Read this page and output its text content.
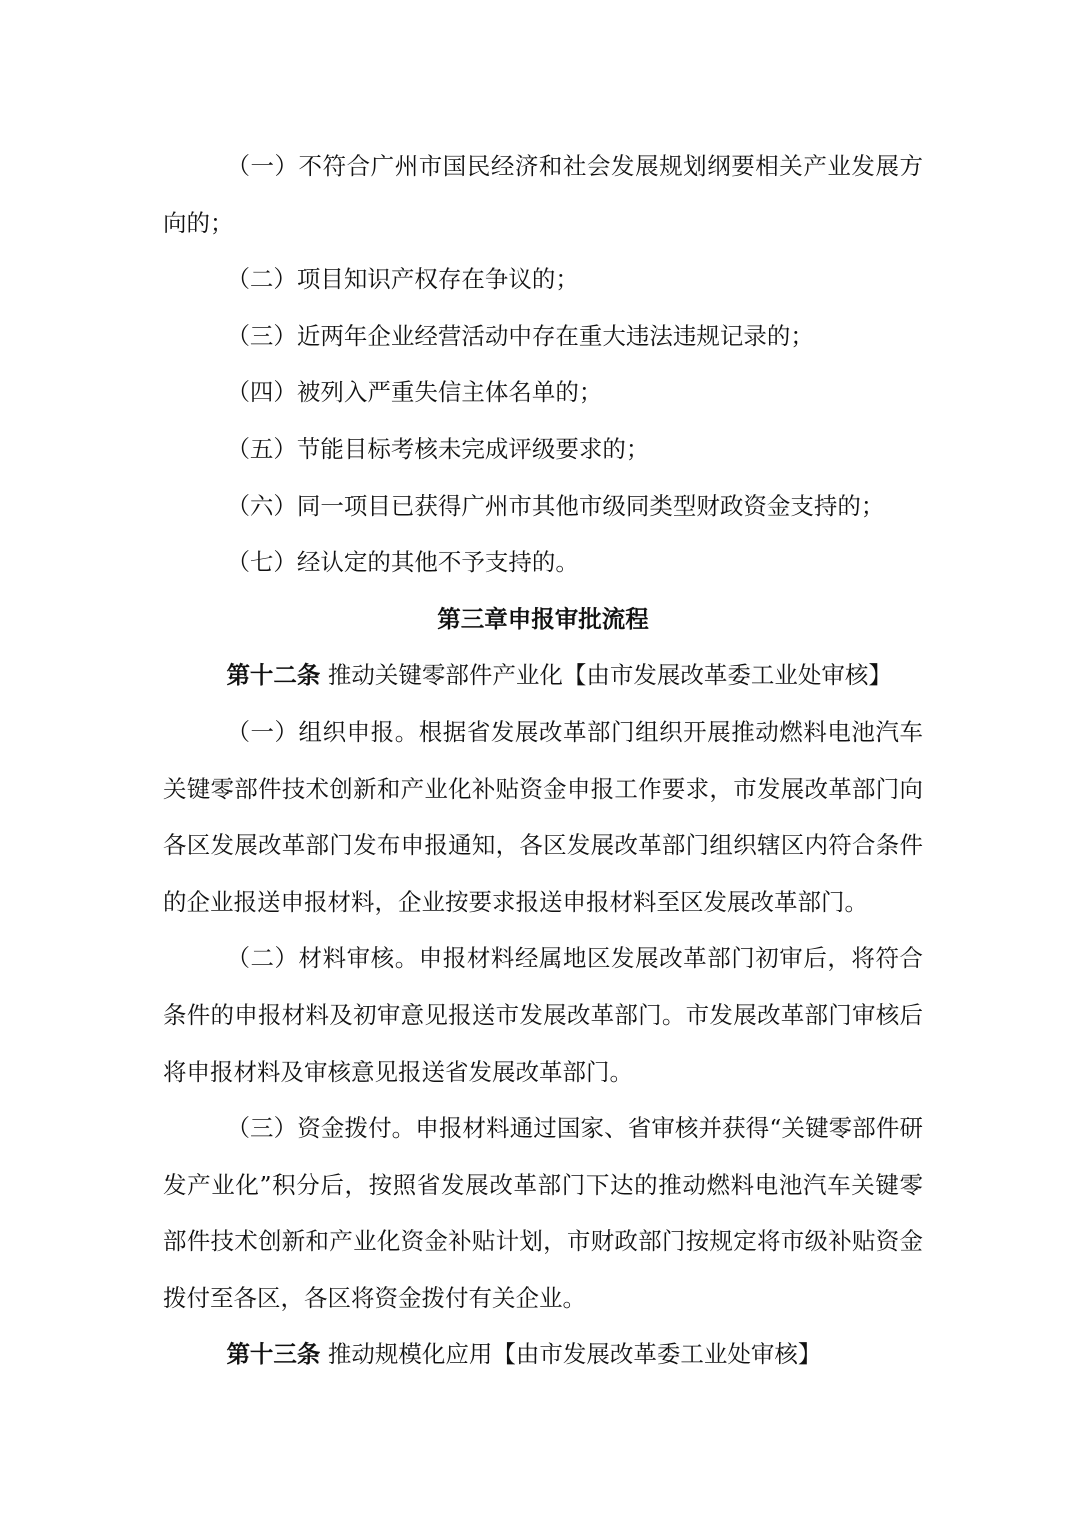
（一）不符合广州市国民经济和社会发展规划纲要相关产业发展方向的；

（二）项目知识产权存在争议的；

（三）近两年企业经营活动中存在重大违法违规记录的；

（四）被列入严重失信主体名单的；

（五）节能目标考核未完成评级要求的；

（六）同一项目已获得广州市其他市级同类型财政资金支持的；

（七）经认定的其他不予支持的。

第三章申报审批流程

第十二条 推动关键零部件产业化【由市发展改革委工业处审核】

（一）组织申报。根据省发展改革部门组织开展推动燃料电池汽车关键零部件技术创新和产业化补贴资金申报工作要求，市发展改革部门向各区发展改革部门发布申报通知，各区发展改革部门组织辖区内符合条件的企业报送申报材料，企业按要求报送申报材料至区发展改革部门。

（二）材料审核。申报材料经属地区发展改革部门初审后，将符合条件的申报材料及初审意见报送市发展改革部门。市发展改革部门审核后将申报材料及审核意见报送省发展改革部门。

（三）资金拨付。申报材料通过国家、省审核并获得“关键零部件研发产业化”积分后，按照省发展改革部门下达的推动燃料电池汽车关键零部件技术创新和产业化资金补贴计划，市财政部门按规定将市级补贴资金拨付至各区，各区将资金拨付有关企业。

第十三条 推动规模化应用【由市发展改革委工业处审核】
